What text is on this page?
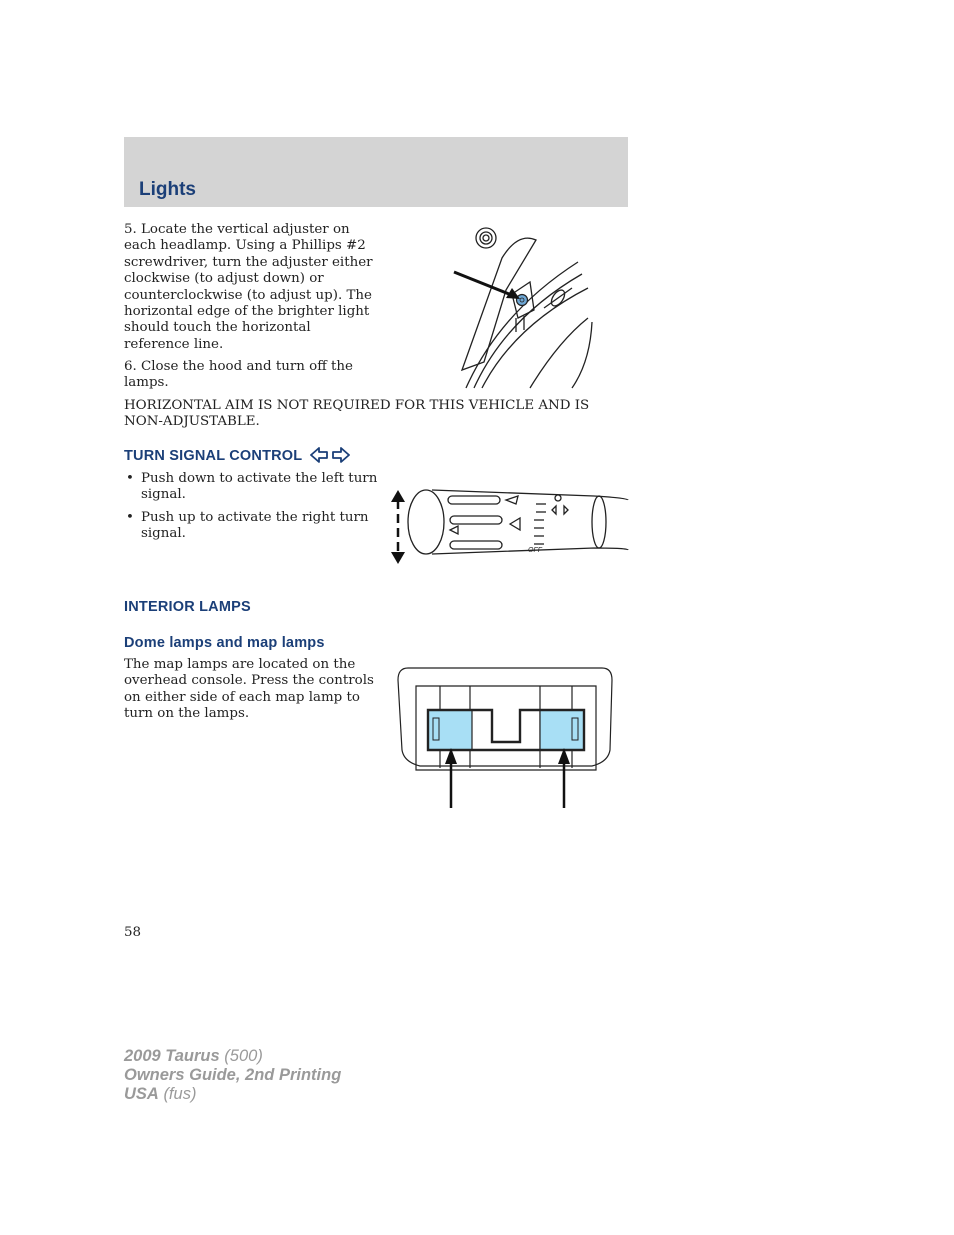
Lights
5. Locate the vertical adjuster on each headlamp. Using a Phillips #2 screwdriver, turn the adjuster either clockwise (to adjust down) or counterclockwise (to adjust up). The horizontal edge of the brighter light should touch the horizontal reference line.
6. Close the hood and turn off the lamps.
HORIZONTAL AIM IS NOT REQUIRED FOR THIS VEHICLE AND IS NON-ADJUSTABLE.
TURN SIGNAL CONTROL
• Push down to activate the left turn signal.
• Push up to activate the right turn signal.
OFF
INTERIOR LAMPS
Dome lamps and map lamps
The map lamps are located on the overhead console. Press the controls on either side of each map lamp to turn on the lamps.
58
2009 Taurus (500)
Owners Guide, 2nd Printing
USA (fus)
